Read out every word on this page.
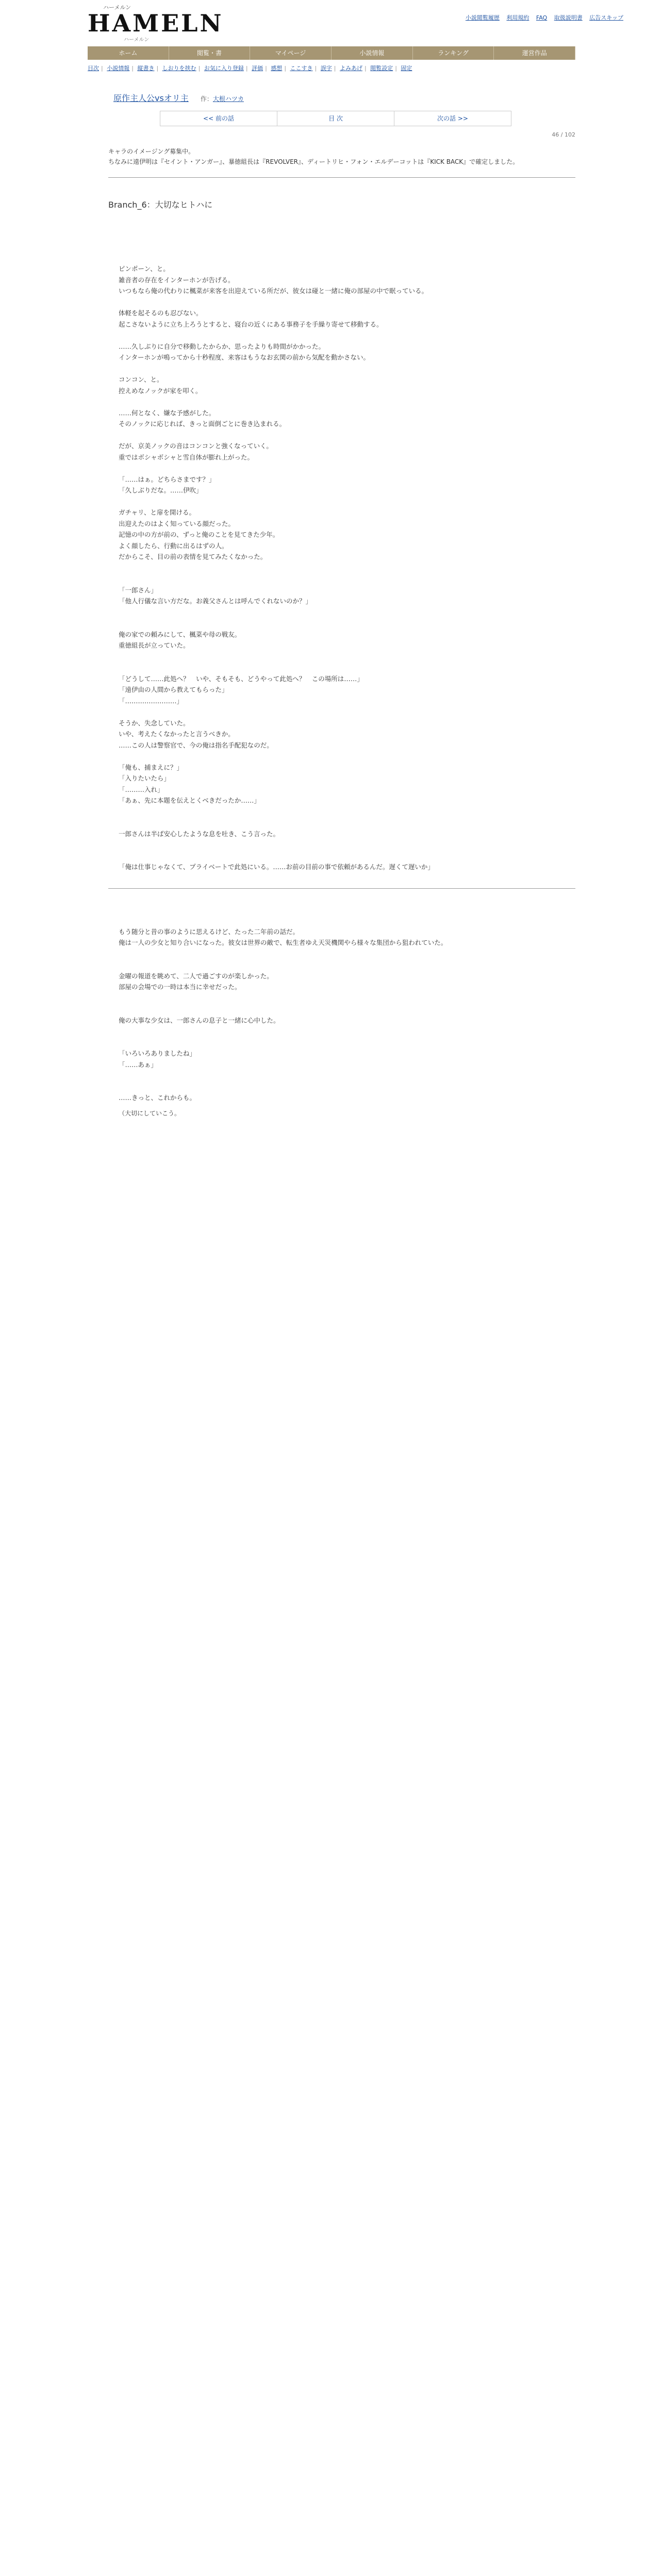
ハーメルン
HAMELN
ハーメルン
小説閲覧履歴 利用規約 FAQ 取扱説明書 広告スキップ
ホーム	閲覧・書	マイページ	小説情報	ランキング	運営作品
目次 | 小説情報 | 縦書き | しおりを挟む | お気に入り登録 | 評価 | 感想 | ここすき | 誤字 | よみあげ | 閲覧設定 | 固定
原作主人公vsオリ主 作：大根ハツカ
<< 前の話	目 次	次の話 >>
46 / 102
キャラのイメージング募集中。
ちなみに遠伊明は『セイント・アンガー』、暴徳組長は『REVOLVER』、ディートリヒ・フォン・エルデーコットは『KICK BACK』で確定しました。
Branch_6：大切なヒトハに

ピンポーン、と。
雑音者の存在をインターホンが告げる。
いつもなら俺の代わりに楓菜が来客を出迎えている所だが、彼女は碰と一緒に俺の部屋の中で眠っている。

体軽を起そるのも忍びない。
起こさないように立ち上ろうとすると、寝台の近くにある事務子を手繰り寄せて移動する。

……久しぶりに自分で移動したからか、思ったよりも時間がかかった。
インターホンが鳴ってから十秒程度、来客はもうなお玄関の前から気配を動かさない。

コンコン、と。
控えめなノックが家を叩く。

……何となく、嫌な予感がした。
そのノックに応じれば、きっと面倒ごとに巻き込まれる。

だが、京美ノックの音はコンコンと強くなっていく。
重ではボシャボシャと雪自体が膨れ上がった。

「……はぁ。どちらさまです？」
「久しぶりだな。……伊吹」

ガチャリ、と扉を開ける。
出迎えたのはよく知っている顔だった。
記憶の中の方が前の、ずっと俺のことを見てきた少年。
よく顔したら、行動に出るはずの人。
だからこそ、目の前の表情を見てみたくなかった。

「一郎さん」
「他人行儀な言い方だな。お義父さんとは呼んでくれないのか？」

俺の家での頼みにして、楓菜や母の戦友。
重徳組長が立っていた。

「どうして……此処へ？　いや、そもそも、どうやって此処へ？　この場所は……」
「遠伊由の人間から教えてもらった」
「……………………」

そうか、失念していた。
いや、考えたくなかったと言うべきか。
……この人は警察官で、今の俺は指名手配犯なのだ。

「俺も、捕まえに？」
「入りたいたら」
「………入れ」
「あぁ、先に本題を伝えとくべきだったか……」

一郎さんは半ば安心したような息を吐き、こう言った。

「俺は仕事じゃなくて、プライベートで此処にいる。……お前の目前の事で依頼があるんだ。遅くて遅いか」

もう随分と昔の事のように思えるけど、たった二年前の話だ。
俺は一人の少女と知り合いになった。彼女は世界の敵で、転生者ゆえ天災機関やら様々な集団から狙われていた。

金曜の報道を眺めて、二人で過ごすのが楽しかった。
部屋の会場での一時は本当に幸せだった。

俺の大事な少女は、一郎さんの息子と一緒に心中した。

「いろいろありましたね」
「……あぁ」

……きっと、これからも。
（大切にしていこう。
